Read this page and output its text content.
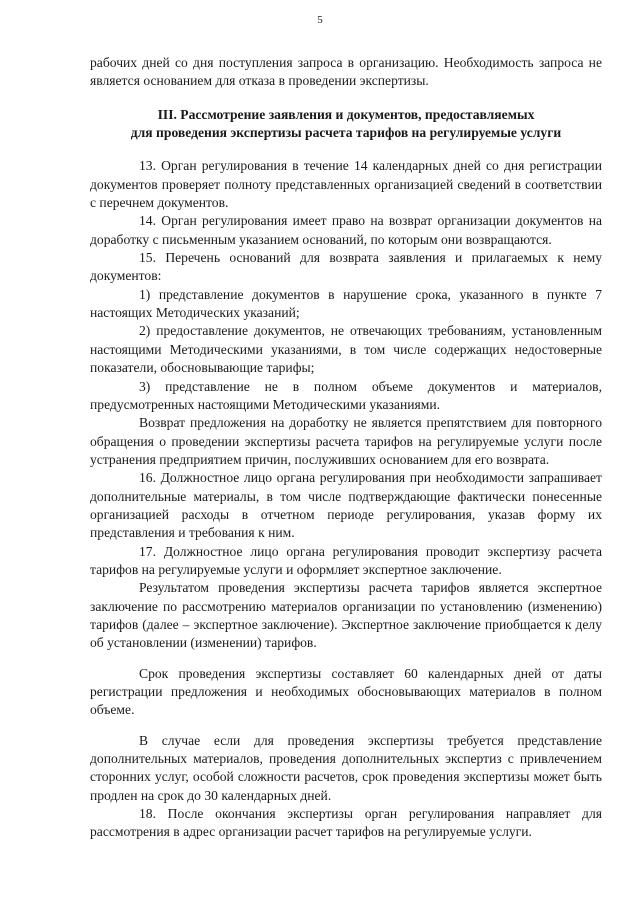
5

рабочих дней со дня поступления запроса в организацию. Необходимость запроса не является основанием для отказа в проведении экспертизы.

III. Рассмотрение заявления и документов, предоставляемых
для проведения экспертизы расчета тарифов на регулируемые услуги

13. Орган регулирования в течение 14 календарных дней со дня регистрации документов проверяет полноту представленных организацией сведений в соответствии с перечнем документов.

14. Орган регулирования имеет право на возврат организации документов на доработку с письменным указанием оснований, по которым они возвращаются.

15. Перечень оснований для возврата заявления и прилагаемых к нему документов:

1) представление документов в нарушение срока, указанного в пункте 7 настоящих Методических указаний;

2) предоставление документов, не отвечающих требованиям, установленным настоящими Методическими указаниями, в том числе содержащих недостоверные показатели, обосновывающие тарифы;

3) представление не в полном объеме документов и материалов, предусмотренных настоящими Методическими указаниями.

Возврат предложения на доработку не является препятствием для повторного обращения о проведении экспертизы расчета тарифов на регулируемые услуги после устранения предприятием причин, послуживших основанием для его возврата.

16. Должностное лицо органа регулирования при необходимости запрашивает дополнительные материалы, в том числе подтверждающие фактически понесенные организацией расходы в отчетном периоде регулирования, указав форму их представления и требования к ним.

17. Должностное лицо органа регулирования проводит экспертизу расчета тарифов на регулируемые услуги и оформляет экспертное заключение.

Результатом проведения экспертизы расчета тарифов является экспертное заключение по рассмотрению материалов организации по установлению (изменению) тарифов (далее – экспертное заключение). Экспертное заключение приобщается к делу об установлении (изменении) тарифов.

Срок проведения экспертизы составляет 60 календарных дней от даты регистрации предложения и необходимых обосновывающих материалов в полном объеме.

В случае если для проведения экспертизы требуется представление дополнительных материалов, проведения дополнительных экспертиз с привлечением сторонних услуг, особой сложности расчетов, срок проведения экспертизы может быть продлен на срок до 30 календарных дней.

18. После окончания экспертизы орган регулирования направляет для рассмотрения в адрес организации расчет тарифов на регулируемые услуги.
